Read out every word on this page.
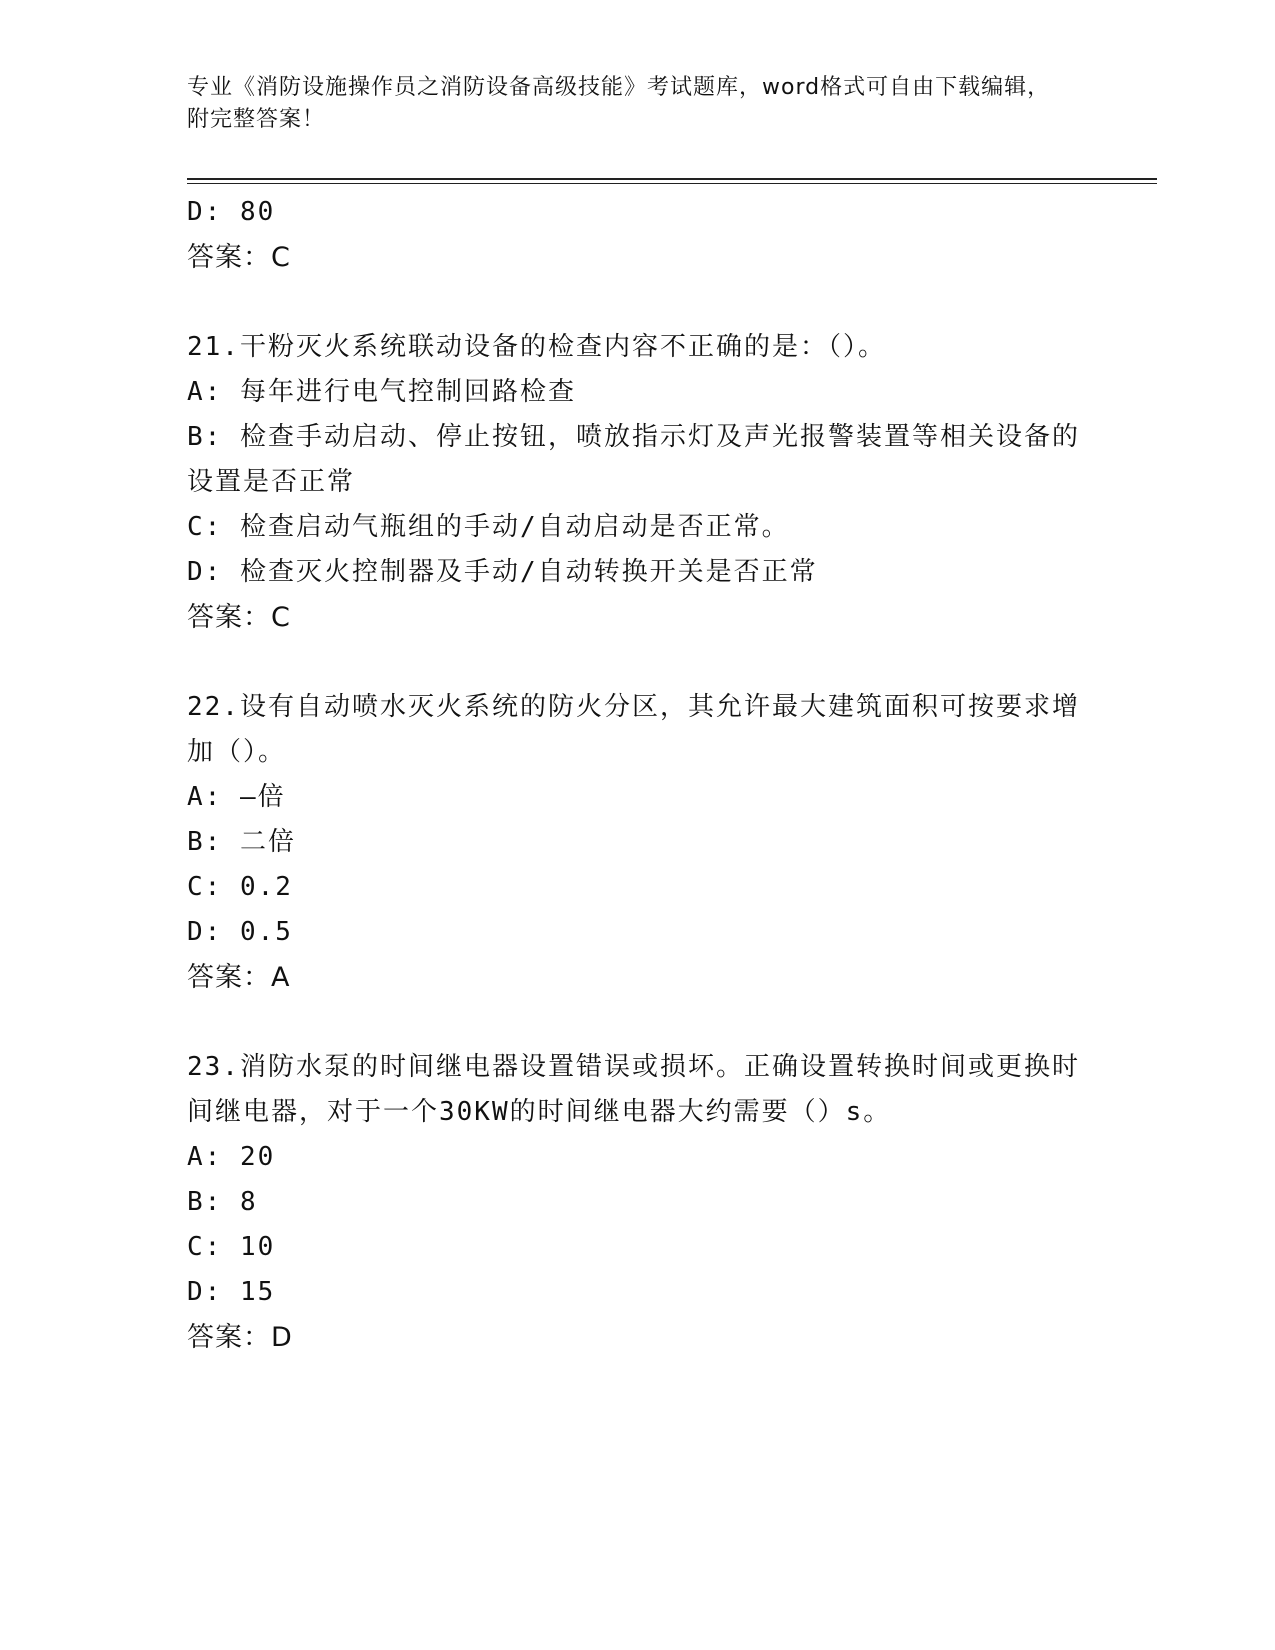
专业《消防设施操作员之消防设备高级技能》考试题库，word格式可自由下载编辑，附完整答案！
D: 80
答案：C
21.干粉灭火系统联动设备的检查内容不正确的是：（）。
A: 每年进行电气控制回路检查
B: 检查手动启动、停止按钮，喷放指示灯及声光报警装置等相关设备的设置是否正常
C: 检查启动气瓶组的手动/自动启动是否正常。
D: 检查灭火控制器及手动/自动转换开关是否正常
答案：C
22.设有自动喷水灭火系统的防火分区，其允许最大建筑面积可按要求增加（）。
A: —倍
B: 二倍
C: 0.2
D: 0.5
答案：A
23.消防水泵的时间继电器设置错误或损坏。正确设置转换时间或更换时间继电器，对于一个30KW的时间继电器大约需要（）s。
A: 20
B: 8
C: 10
D: 15
答案：D
